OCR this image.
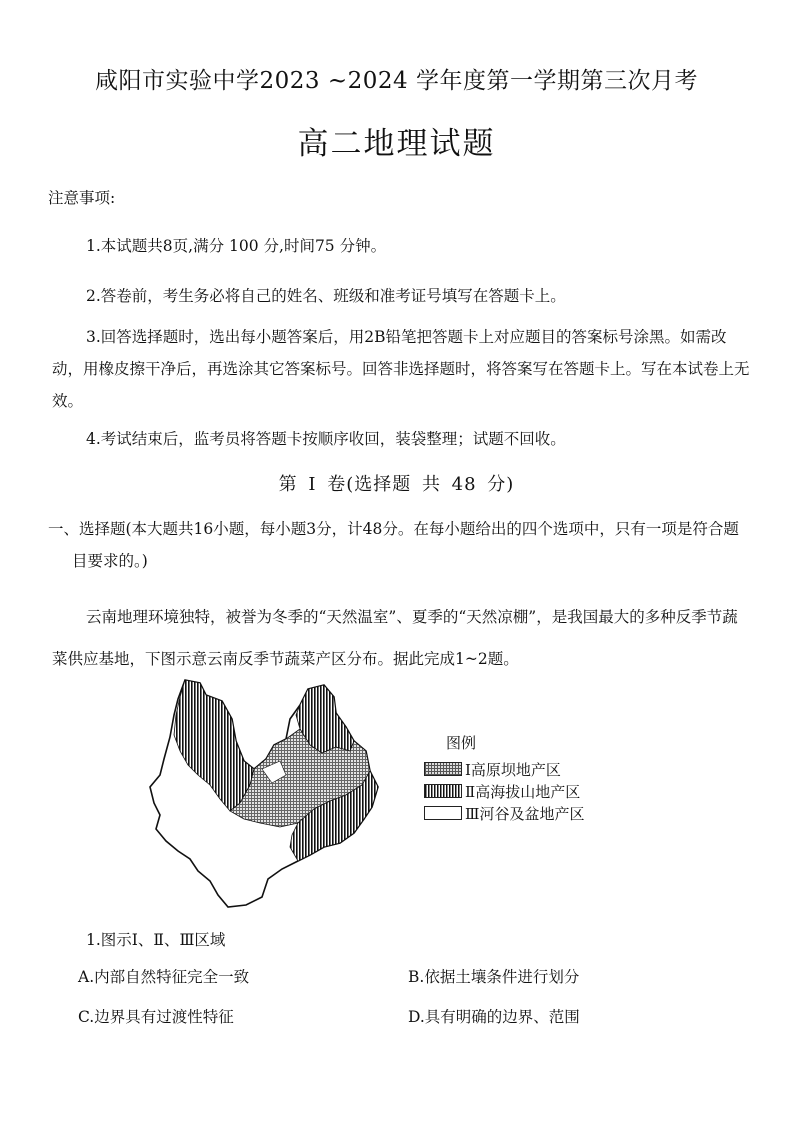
咸阳市实验中学2023 ~2024 学年度第一学期第三次月考
高二地理试题
注意事项:
1.本试题共8页,满分 100 分,时间75 分钟。
2.答卷前，考生务必将自己的姓名、班级和准考证号填写在答题卡上。
3.回答选择题时，选出每小题答案后，用2B铅笔把答题卡上对应题目的答案标号涂黑。如需改动，用橡皮擦干净后，再选涂其它答案标号。回答非选择题时，将答案写在答题卡上。写在本试卷上无效。
4.考试结束后，监考员将答题卡按顺序收回，装袋整理；试题不回收。
第 I 卷(选择题 共 48 分)
一、选择题(本大题共16小题，每小题3分，计48分。在每小题给出的四个选项中，只有一项是符合题目要求的。)
云南地理环境独特，被誉为冬季的“天然温室”、夏季的“天然凉棚”，是我国最大的多种反季节蔬菜供应基地，下图示意云南反季节蔬菜产区分布。据此完成1~2题。
图例
Ⅰ高原坝地产区
Ⅱ高海拔山地产区
Ⅲ河谷及盆地产区
1.图示Ⅰ、Ⅱ、Ⅲ区域
A.内部自然特征完全一致	B.依据土壤条件进行划分
C.边界具有过渡性特征	D.具有明确的边界、范围
